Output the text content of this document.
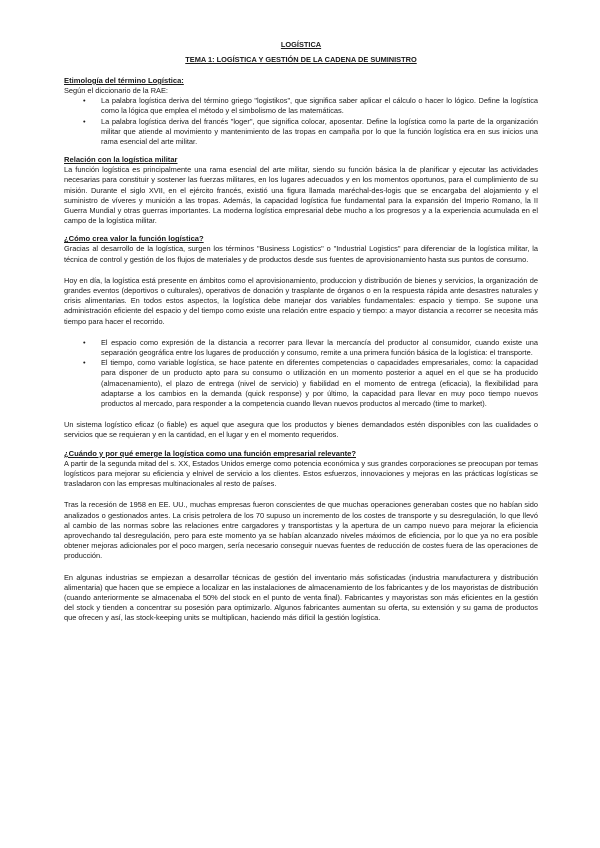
LOGÍSTICA

TEMA 1: LOGÍSTICA Y GESTIÓN DE LA CADENA DE SUMINISTRO

Etimología del término Logística:

Según el diccionario de la RAE:

• La palabra logística deriva del término griego "logistikos", que significa saber aplicar el cálculo o hacer lo lógico. Define la logística como la lógica que emplea el método y el simbolismo de las matemáticas.
• La palabra logística deriva del francés "loger", que significa colocar, aposentar. Define la logística como la parte de la organización militar que atiende al movimiento y mantenimiento de las tropas en campaña por lo que la función logística era en sus inicios una rama esencial del arte militar.

Relación con la logística militar

La función logística es principalmente una rama esencial del arte militar, siendo su función básica la de planificar y ejecutar las actividades necesarias para constituir y sostener las fuerzas militares, en los lugares adecuados y en los momentos oportunos, para el cumplimiento de su misión. Durante el siglo XVII, en el ejército francés, existió una figura llamada maréchal-des-logis que se encargaba del alojamiento y el suministro de víveres y munición a las tropas. Además, la capacidad logística fue fundamental para la expansión del Imperio Romano, la II Guerra Mundial y otras guerras importantes. La moderna logística empresarial debe mucho a los progresos y a la experiencia acumulada en el campo de la logística militar.

¿Cómo crea valor la función logística?

Gracias al desarrollo de la logística, surgen los términos "Business Logistics" o "Industrial Logistics" para diferenciar de la logística militar, la técnica de control y gestión de los flujos de materiales y de productos desde sus fuentes de aprovisionamiento hasta sus puntos de consumo.

Hoy en día, la logística está presente en ámbitos como el aprovisionamiento, produccion y distribución de bienes y servicios, la organización de grandes eventos (deportivos o culturales), operativos de donación y trasplante de órganos o en la respuesta rápida ante desastres naturales y crisis alimentarias. En todos estos aspectos, la logística debe manejar dos variables fundamentales: espacio y tiempo. Se supone una administración eficiente del espacio y del tiempo como existe una relación entre espacio y tiempo: a mayor distancia a recorrer se necesita más tiempo para hacer el recorrido.

• El espacio como expresión de la distancia a recorrer para llevar la mercancía del productor al consumidor, cuando existe una separación geográfica entre los lugares de producción y consumo, remite a una primera función básica de la logística: el transporte.
• El tiempo, como variable logística, se hace patente en diferentes competencias o capacidades empresariales, como: la capacidad para disponer de un producto apto para su consumo o utilización en un momento posterior a aquel en el que se ha producido (almacenamiento), el plazo de entrega (nivel de servicio) y fiabilidad en el momento de entrega (eficacia), la flexibilidad para adaptarse a los cambios en la demanda (quick response) y por último, la capacidad para llevar en muy poco tiempo nuevos productos al mercado, para responder a la competencia cuando llevan nuevos productos al mercado (time to market).

Un sistema logístico eficaz (o fiable) es aquel que asegura que los productos y bienes demandados estén disponibles con las cualidades o servicios que se requieran y en la cantidad, en el lugar y en el momento requeridos.

¿Cuándo y por qué emerge la logística como una función empresarial relevante?

A partir de la segunda mitad del s. XX, Estados Unidos emerge como potencia económica y sus grandes corporaciones se preocupan por temas logísticos para mejorar su eficiencia y elnivel de servicio a los clientes. Estos esfuerzos, innovaciones y mejoras en las prácticas logísticas se trasladaron con las empresas multinacionales al resto de países.

Tras la recesión de 1958 en EE. UU., muchas empresas fueron conscientes de que muchas operaciones generaban costes que no habían sido analizados o gestionados antes. La crisis petrolera de los 70 supuso un incremento de los costes de transporte y su desregulación, lo que llevó al cambio de las normas sobre las relaciones entre cargadores y transportistas y la apertura de un campo nuevo para mejorar la eficiencia aprovechando tal desregulación, pero para este momento ya se habían alcanzado niveles máximos de eficiencia, por lo que ya no era posible obtener mejoras adicionales por el poco margen, sería necesario conseguir nuevas fuentes de reducción de costes fuera de las operaciones de producción.

En algunas industrias se empiezan a desarrollar técnicas de gestión del inventario más sofisticadas (industria manufacturera y distribución alimentaria) que hacen que se empiece a localizar en las instalaciones de almacenamiento de los fabricantes y de los mayoristas de distribución (cuando anteriormente se almacenaba el 50% del stock en el punto de venta final). Fabricantes y mayoristas son más eficientes en la gestión del stock y tienden a concentrar su posesión para optimizarlo. Algunos fabricantes aumentan su oferta, su extensión y su gama de productos que ofrecen y así, las stock-keeping units se multiplican, haciendo más difícil la gestión logística.
